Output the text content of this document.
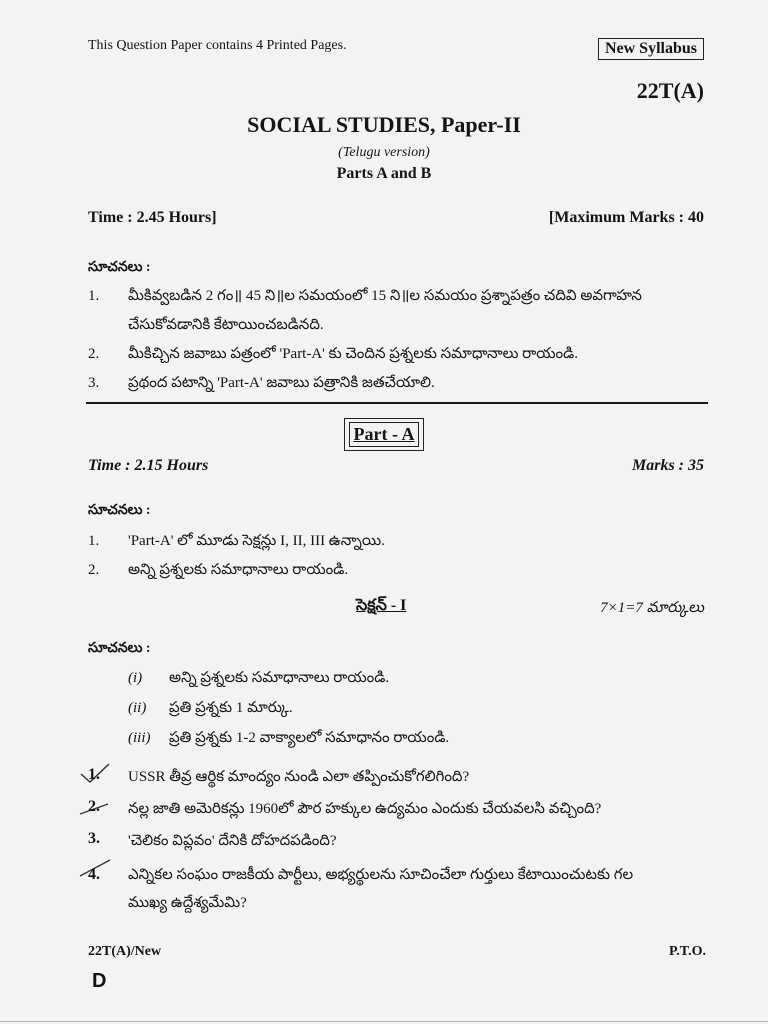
This Question Paper contains 4 Printed Pages.	New Syllabus
22T(A)
SOCIAL STUDIES, Paper-II
(Telugu version)
Parts A and B
Time : 2.45 Hours]	[Maximum Marks : 40
సూచనలు :
1. మీకివ్వబడిన 2 గం॥ 45 ని॥ల సమయంలో 15 ని॥ల సమయం ప్రశ్నాపత్రం చదివి అవగాహన
చేసుకోవడానికి కేటాయించబడినది.
2. మీకిచ్చిన జవాబు పత్రంలో 'Part-A' కు చెందిన ప్రశ్నలకు సమాధానాలు రాయండి.
3. ప్రథంద పటాన్ని 'Part-A' జవాబు పత్రానికి జతచేయాలి.
Part - A
Time : 2.15 Hours	Marks : 35
సూచనలు :
1. 'Part-A' లో మూడు సెక్షన్లు I, II, III ఉన్నాయి.
2. అన్ని ప్రశ్నలకు సమాధానాలు రాయండి.
సెక్షన్ - I	7×1=7 మార్కులు
సూచనలు :
(i) అన్ని ప్రశ్నలకు సమాధానాలు రాయండి.
(ii) ప్రతి ప్రశ్నకు 1 మార్కు.
(iii) ప్రతి ప్రశ్నకు 1-2 వాక్యాలలో సమాధానం రాయండి.
1. USSR తీవ్ర ఆర్థిక మాంద్యం నుండి ఎలా తప్పించుకోగలిగింది?
2. నల్ల జాతి అమెరికన్లు 1960లో పౌర హక్కుల ఉద్యమం ఎందుకు చేయవలసి వచ్చింది?
3. 'చెలికం విప్లవం' దేనికి దోహదపడింది?
4. ఎన్నికల సంఘం రాజకీయ పార్టీలు, అభ్యర్థులను సూచించేలా గుర్తులు కేటాయించుటకు గల
ముఖ్య ఉద్దేశ్యమేమి?
22T(A)/New	P.T.O.
D
